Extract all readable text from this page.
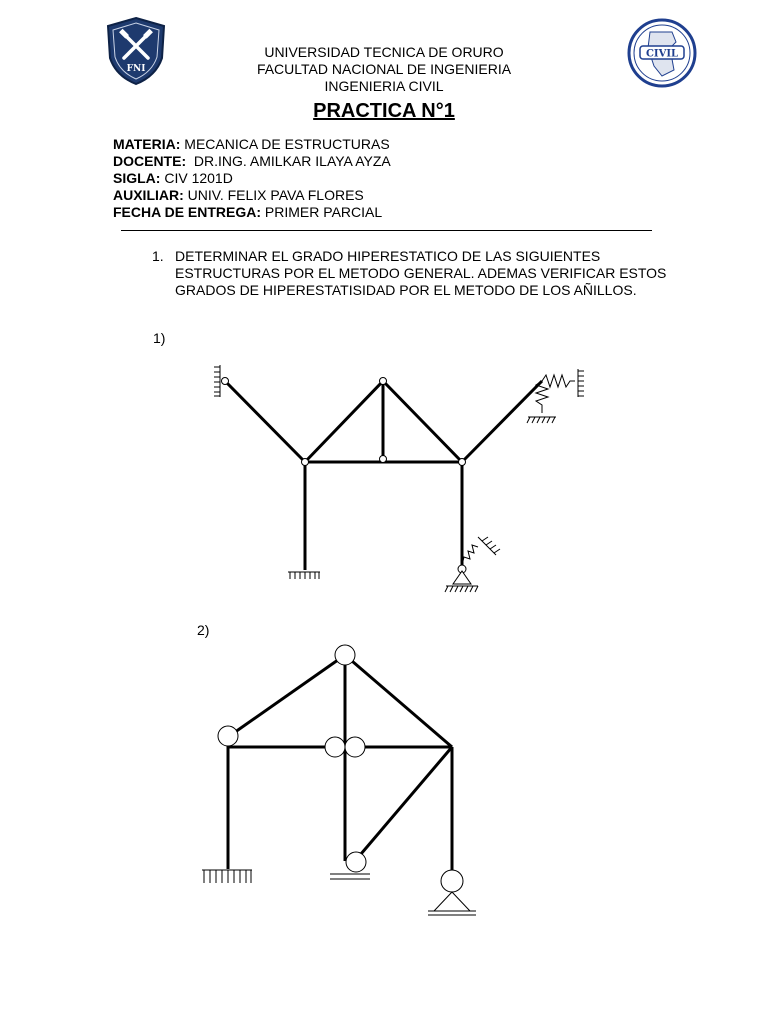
FNI
CIVIL
UNIVERSIDAD TECNICA DE ORURO
FACULTAD NACIONAL DE INGENIERIA
INGENIERIA CIVIL
PRACTICA N°1
MATERIA: MECANICA DE ESTRUCTURAS
DOCENTE:  DR.ING. AMILKAR ILAYA AYZA
SIGLA: CIV 1201D
AUXILIAR: UNIV. FELIX PAVA FLORES
FECHA DE ENTREGA: PRIMER PARCIAL
1. DETERMINAR EL GRADO HIPERESTATICO DE LAS SIGUIENTES
ESTRUCTURAS POR EL METODO GENERAL. ADEMAS VERIFICAR ESTOS
GRADOS DE HIPERESTATISIDAD POR EL METODO DE LOS AÑILLOS.
1)
2)
